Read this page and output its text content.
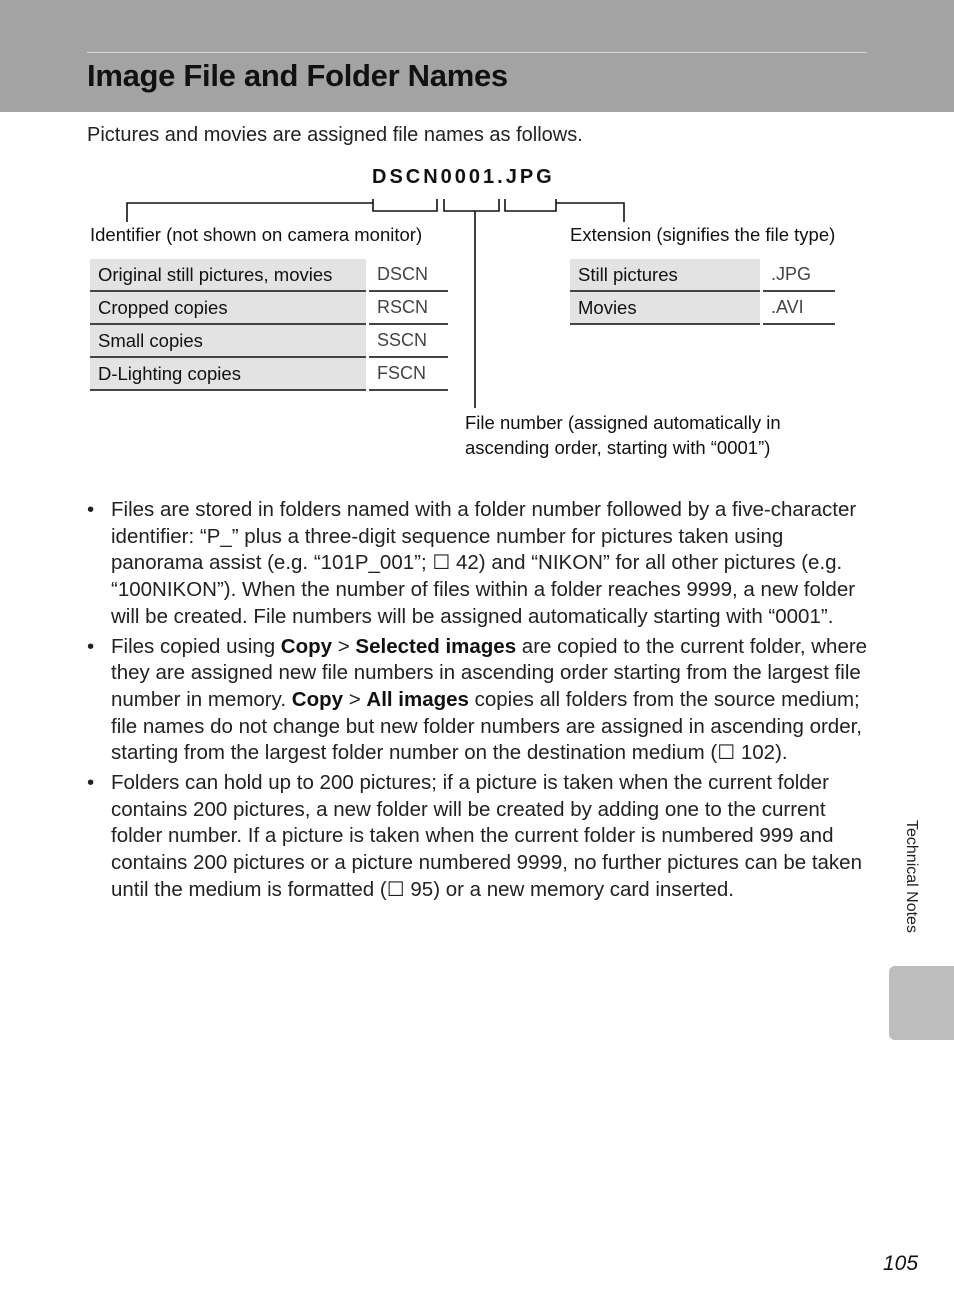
Image File and Folder Names

Pictures and movies are assigned file names as follows.

DSCN0001.JPG
Identifier (not shown on camera monitor)	Extension (signifies the file type)
File number (assigned automatically in
ascending order, starting with “0001”)
Original still pictures, movies	DSCN
Cropped copies	RSCN
Small copies	SSCN
D-Lighting copies	FSCN
Still pictures	.JPG
Movies	.AVI
• Files are stored in folders named with a folder number followed by a five-character identifier: “P_” plus a three-digit sequence number for pictures taken using panorama assist (e.g. “101P_001”; ☐ 42) and “NIKON” for all other pictures (e.g. “100NIKON”). When the number of files within a folder reaches 9999, a new folder will be created. File numbers will be assigned automatically starting with “0001”.
• Files copied using Copy > Selected images are copied to the current folder, where they are assigned new file numbers in ascending order starting from the largest file number in memory. Copy > All images copies all folders from the source medium; file names do not change but new folder numbers are assigned in ascending order, starting from the largest folder number on the destination medium (☐ 102).
• Folders can hold up to 200 pictures; if a picture is taken when the current folder contains 200 pictures, a new folder will be created by adding one to the current folder number. If a picture is taken when the current folder is numbered 999 and contains 200 pictures or a picture numbered 9999, no further pictures can be taken until the medium is formatted (☐ 95) or a new memory card inserted.	Technical Notes
105
